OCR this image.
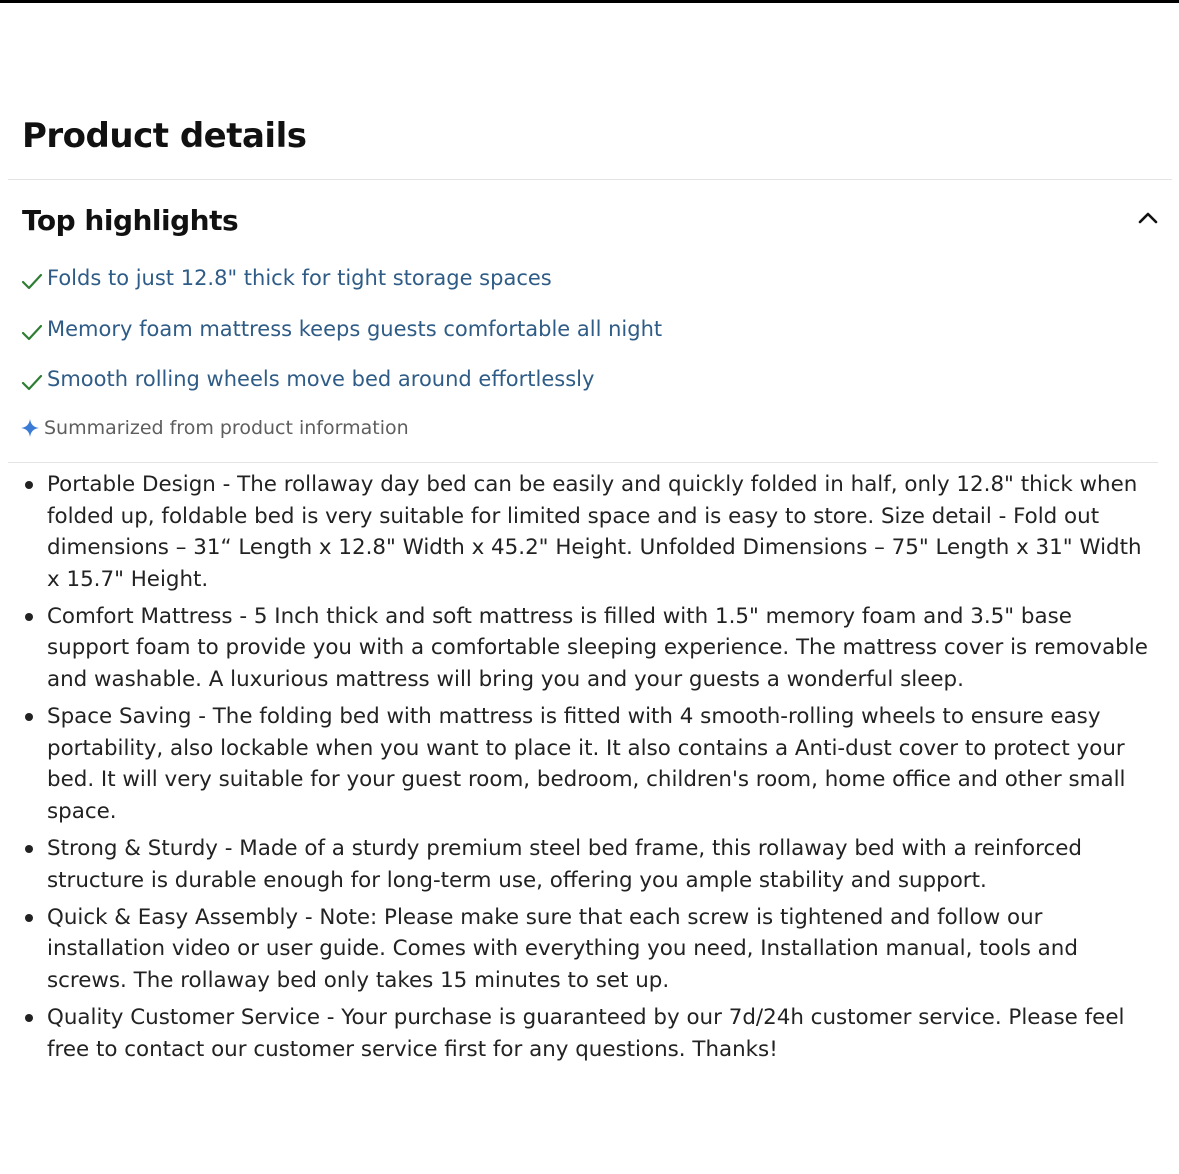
Product details
Top highlights
Folds to just 12.8" thick for tight storage spaces
Memory foam mattress keeps guests comfortable all night
Smooth rolling wheels move bed around effortlessly
Summarized from product information
Portable Design - The rollaway day bed can be easily and quickly folded in half, only 12.8" thick when folded up, foldable bed is very suitable for limited space and is easy to store. Size detail - Fold out dimensions – 31“ Length x 12.8" Width x 45.2" Height. Unfolded Dimensions – 75" Length x 31" Width x 15.7" Height.
Comfort Mattress - 5 Inch thick and soft mattress is filled with 1.5" memory foam and 3.5" base support foam to provide you with a comfortable sleeping experience. The mattress cover is removable and washable. A luxurious mattress will bring you and your guests a wonderful sleep.
Space Saving - The folding bed with mattress is fitted with 4 smooth-rolling wheels to ensure easy portability, also lockable when you want to place it. It also contains a Anti-dust cover to protect your bed. It will very suitable for your guest room, bedroom, children's room, home office and other small space.
Strong & Sturdy - Made of a sturdy premium steel bed frame, this rollaway bed with a reinforced structure is durable enough for long-term use, offering you ample stability and support.
Quick & Easy Assembly - Note: Please make sure that each screw is tightened and follow our installation video or user guide. Comes with everything you need, Installation manual, tools and screws. The rollaway bed only takes 15 minutes to set up.
Quality Customer Service - Your purchase is guaranteed by our 7d/24h customer service. Please feel free to contact our customer service first for any questions. Thanks!
